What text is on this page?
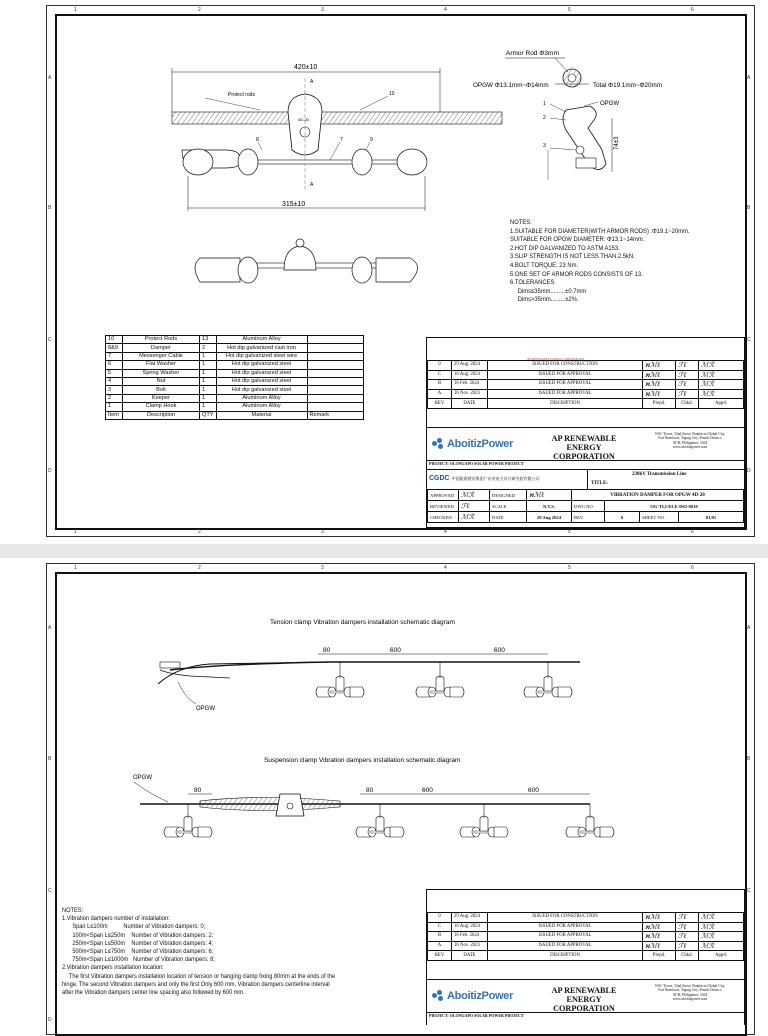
1	2	3	4	5	6
1	2	3	4	5	6
A
B
C
D
A
B
C
D
420±10
Protect rods	10
4D-20
A
A
8	9
7
315±10
Armor Rod Φ3mm
OPGW Φ13.1mm~Φ14mm	Total Φ19.1mm~Φ20mm
1
2
3
OPGW
74±3
NOTES:
1.SUITABLE FOR DIAMETER(WITH ARMOR RODS) :Φ19.1~20mm.
SUITABLE FOR OPGW DIAMETER: Φ13.1~14mm.
2.HOT DIP GALVANIZED TO ASTM A153.
3.SLIP STRENGTH IS NOT LESS THAN 2.5kN.
4.BOLT TORQUE: 23 Nm.
5.ONE SET OF ARMOR RODS CONSISTS OF 13.
6.TOLERANCES
Dims≤35mm.........±0.7mm
Dims>35mm.........±2%.
10	Protect Rods	13	Aluminum Alloy	
8&9	Damper	2	Hot dip galvanized cast iron	
7	Messenger Cable	1	Hot dip galvanized steel wire	
6	Flat Washer	1	Hot dip galvanized steel	
5	Spring Washer	1	Hot dip galvanized steel	
4	Nut	1	Hot dip galvanized steel	
3	Bolt	1	Hot dip galvanized steel	
2	Keeper	1	Aluminum Alloy	
1	Clamp Hook	1	Aluminum Alloy	
Item	Description	QTY	Material	Remark
AP RENEWABLE ENERGY CORPORATION
0	29 Aug. 2024	ISSUED FOR CONSTRUCTION	ⳮℳℓ	ℱℓ	ℳℛ
C	16 Aug. 2024	ISSUED FOR APPROVAL	ⳮℳℓ	ℱℓ	ℳℛ
B	16 Feb. 2024	ISSUED FOR APPROVAL	ⳮℳℓ	ℱℓ	ℳℛ
A	16 Nov. 2023	ISSUED FOR APPROVAL	ⳮℳℓ	ℱℓ	ℳℛ
REV	DATE	DISCRIPTION	Prepd.	Chkd.	Appd.
AboitizPower	AP RENEWABLE ENERGY CORPORATION
NAC Tower, 32nd Street, Bonifacio Global City,
Fort Bonifacio, Taguig City, Fourth District,
NCR, Philippines, 1634
www.aboitizpower.com
PROJECT: OLONGAPO SOLAR POWER PROJECT
CGDC 中国能源建设集团广东省电力设计研究院有限公司
230kV Transmission Line
TITLE:
APPROVED	ℳℛ	DESIGNED	ⳮℳℓ	VIBRATION DAMPER FOR OPGW 4D-20			
REVIEWED	ℱℓ	SCALE	N.T.S.	DWG NO.	OG-TLI-ELE-D02-0018		
CHECKED	ℳℛ	DATE	29 Aug 2024	REV.	0	SHEET NO.	01/01
1	2	3	4	5	6
A
B
C
D
A
B
C
Tension clamp Vibration dampers installation schematic diagram
OPGW
80	600	600
Suspension clamp Vibration dampers installation schematic diagram
OPGW
80	80	600	600
NOTES:
1.Vibration dampers number of installation:
Span L≤100m          Number of Vibration dampers: 0;
100m<Span L≤250m    Number of Vibration dampers: 2;
250m<Span L≤500m    Number of Vibration dampers: 4;
500m<Span L≤750m    Number of Vibration dampers: 6;
750m<Span L≤1000m   Number of Vibration dampers: 8;
2.Vibration dampers installation location:
The first Vibration dampers installation location of tension or hanging clamp fixing 80mm at the ends of the
hinge. The second Vibration dampers and only the first Only 600 mm, Vibration dampers centerline interval
after the Vibration dampers center line spacing also followed by 600 mm.
0	29 Aug. 2024	ISSUED FOR CONSTRUCTION	ⳮℳℓ	ℱℓ	ℳℛ
C	16 Aug. 2024	ISSUED FOR APPROVAL	ⳮℳℓ	ℱℓ	ℳℛ
B	16 Feb. 2024	ISSUED FOR APPROVAL	ⳮℳℓ	ℱℓ	ℳℛ
A	16 Nov. 2023	ISSUED FOR APPROVAL	ⳮℳℓ	ℱℓ	ℳℛ
REV	DATE	DISCRIPTION	Prepd.	Chkd.	Appd.
AboitizPower	AP RENEWABLE ENERGY CORPORATION
NAC Tower, 32nd Street, Bonifacio Global City,
Fort Bonifacio, Taguig City, Fourth District,
NCR, Philippines, 1634
www.aboitizpower.com
PROJECT: OLONGAPO SOLAR POWER PROJECT
